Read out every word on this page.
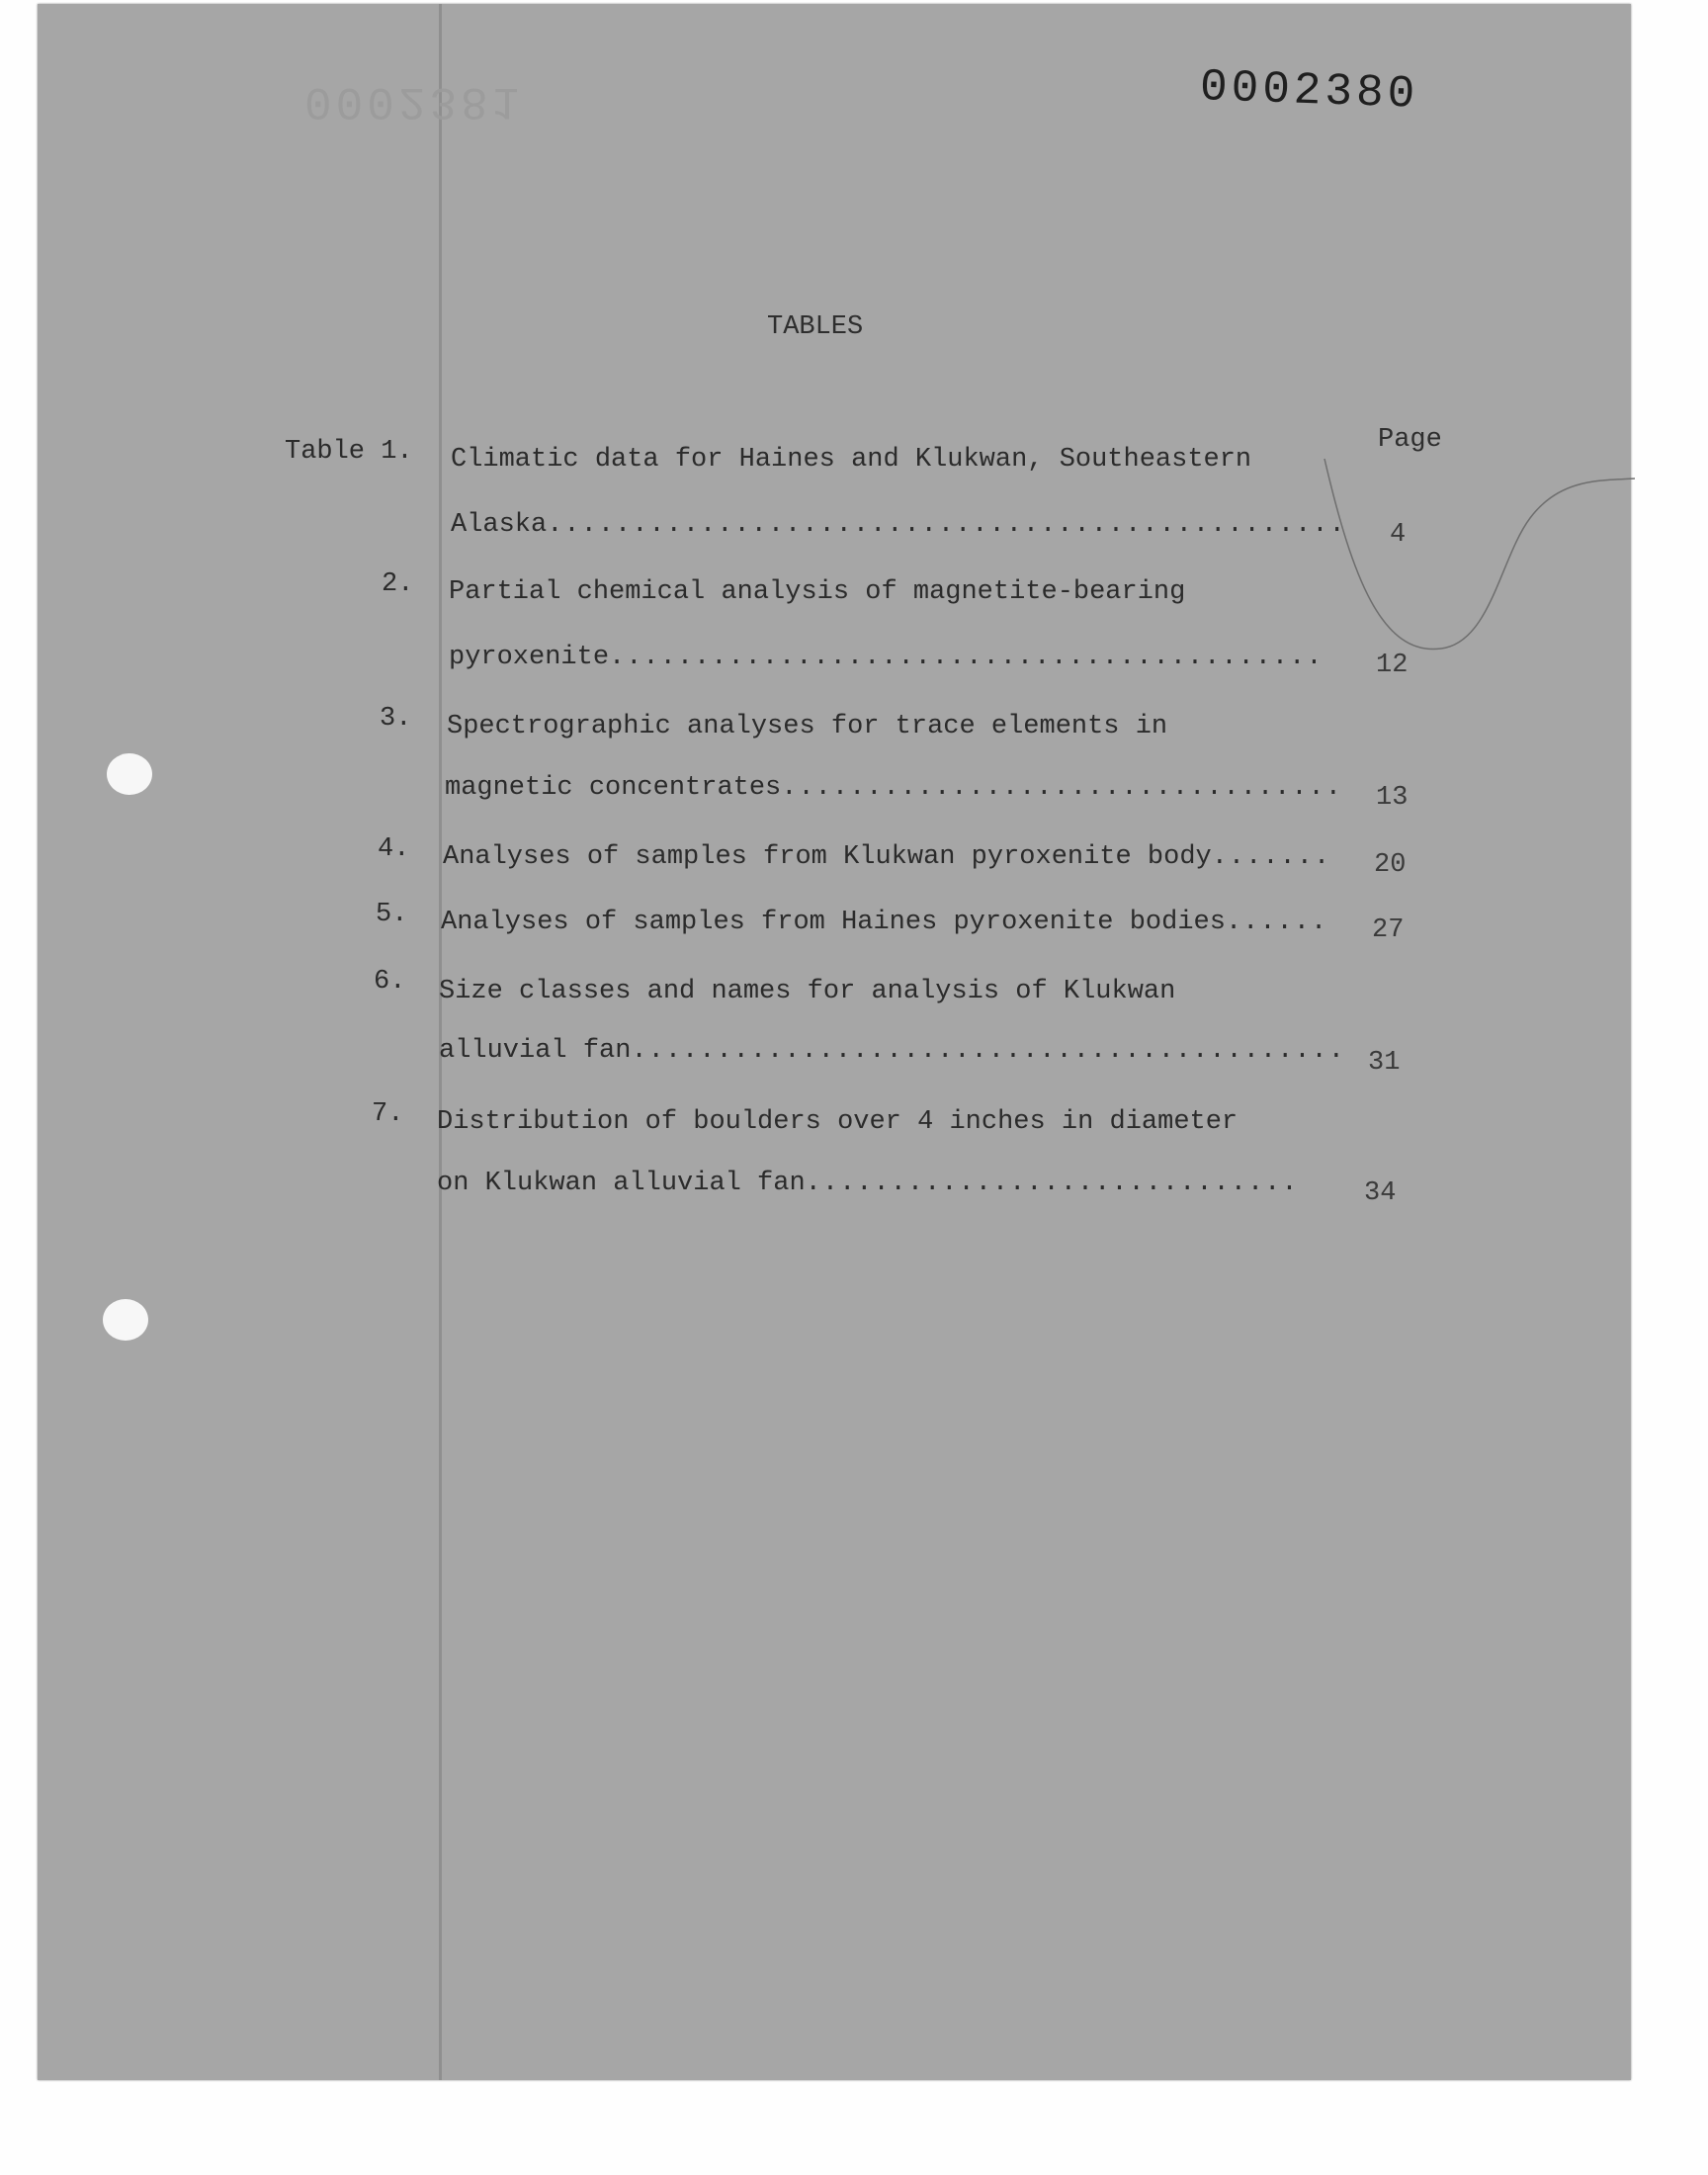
0002381	0002380
TABLES
Page
Table 1. Climatic data for Haines and Klukwan, Southeastern
Alaska............................................... 4
2. Partial chemical analysis of magnetite-bearing
pyroxenite.......................................... 12
3. Spectrographic analyses for trace elements in
magnetic concentrates................................. 13
4. Analyses of samples from Klukwan pyroxenite body....... 20
5. Analyses of samples from Haines pyroxenite bodies...... 27
6. Size classes and names for analysis of Klukwan
alluvial fan.......................................... 31
7. Distribution of boulders over 4 inches in diameter
on Klukwan alluvial fan............................. 34
